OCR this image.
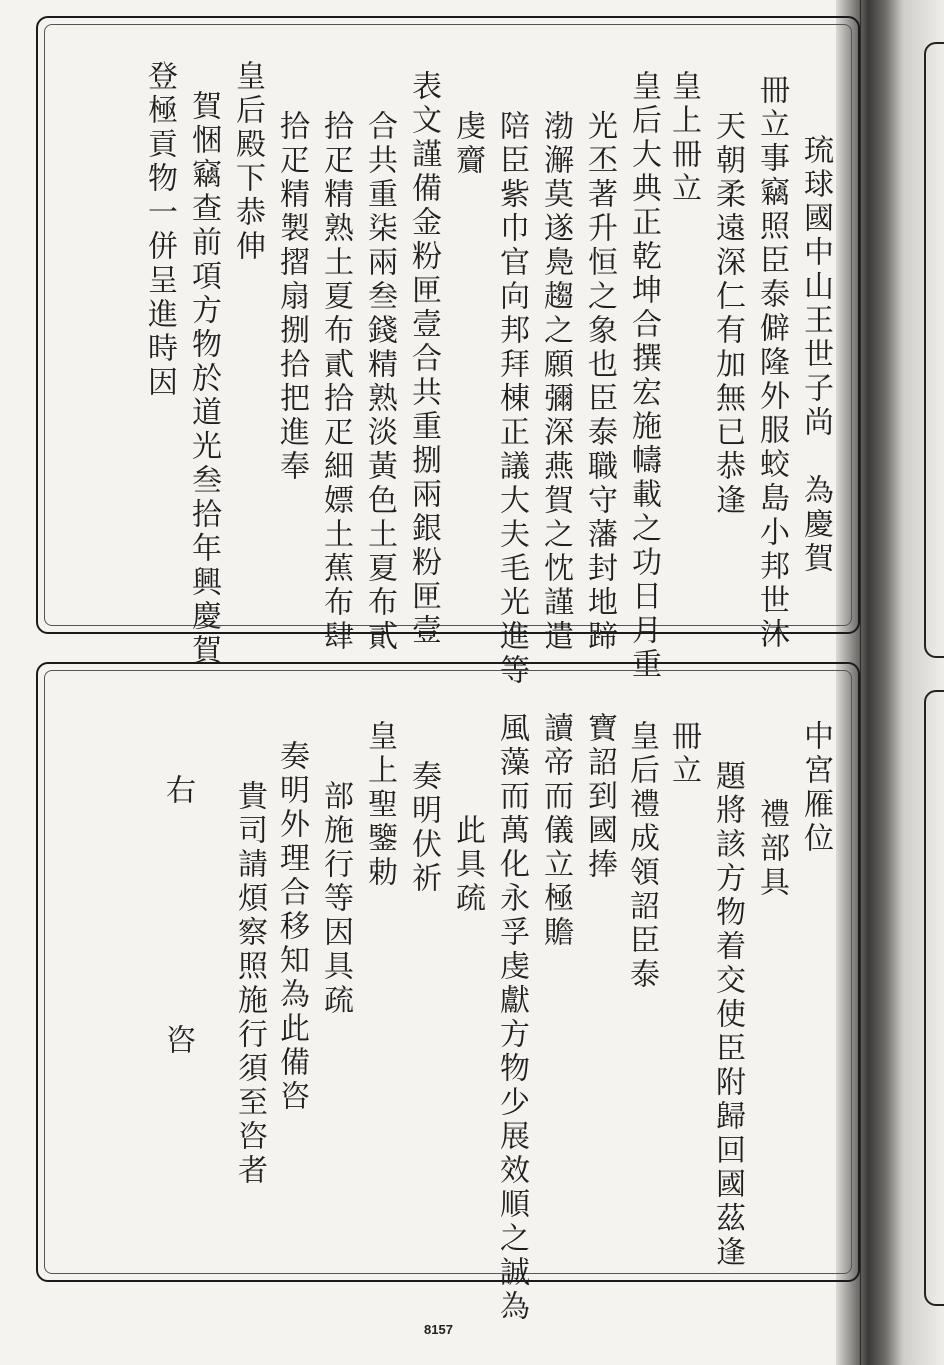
琉球國中山王世子尚　為慶賀
冊立事竊照臣泰僻隆外服蛟島小邦世沐
天朝柔遠深仁有加無已恭逢
皇上冊立
皇后大典正乾坤合撰宏施幬載之功日月重
光丕著升恒之象也臣泰職守藩封地蹄
渤澥莫遂鳧趨之願彌深燕賀之忱謹遣
陪臣紫巾官向邦拜棟正議大夫毛光進等
虔齎
表文謹備金粉匣壹合共重捌兩銀粉匣壹
合共重柒兩叁錢精熟淡黃色土夏布貳
拾疋精熟土夏布貳拾疋細嫖土蕉布肆
拾疋精製摺扇捌拾把進奉
皇后殿下恭伸
賀悃竊查前項方物於道光叁拾年興慶賀
登極貢物一併呈進時因
中宮雁位
禮部具
題將該方物着交使臣附歸回國茲逢
冊立
皇后禮成領詔臣泰
寶詔到國捧
讀帝而儀立極贍
風藻而萬化永孚虔獻方物少展效順之誠為
此具疏
奏明伏祈
皇上聖鑒勅
部施行等因具疏
奏明外理合移知為此備咨
貴司請煩察照施行須至咨者
右
咨
8157
